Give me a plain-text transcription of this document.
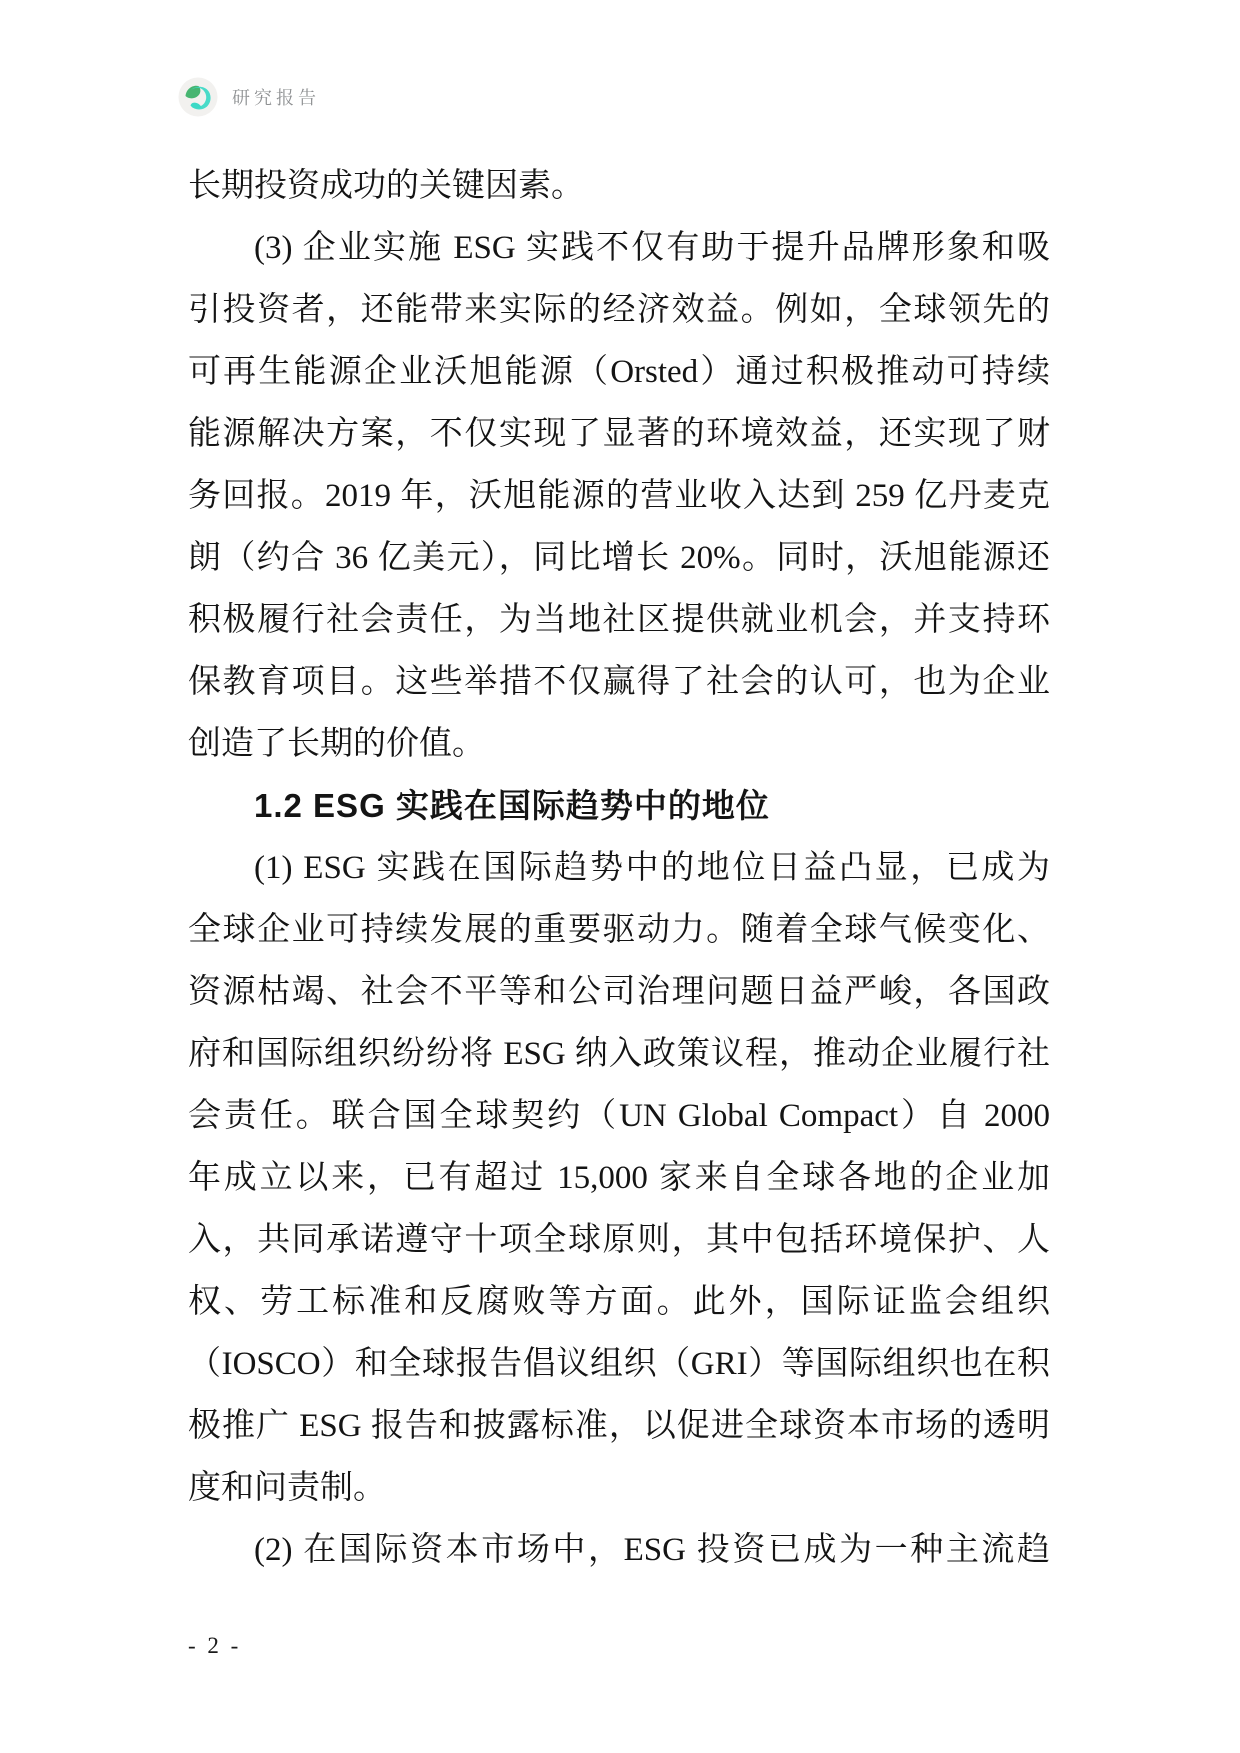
研究报告
长期投资成功的关键因素。
(3) 企业实施 ESG 实践不仅有助于提升品牌形象和吸
引投资者，还能带来实际的经济效益。例如，全球领先的
可再生能源企业沃旭能源（Orsted）通过积极推动可持续
能源解决方案，不仅实现了显著的环境效益，还实现了财
务回报。2019 年，沃旭能源的营业收入达到 259 亿丹麦克
朗（约合 36 亿美元），同比增长 20%。同时，沃旭能源还
积极履行社会责任，为当地社区提供就业机会，并支持环
保教育项目。这些举措不仅赢得了社会的认可，也为企业
创造了长期的价值。
1.2 ESG 实践在国际趋势中的地位
(1) ESG 实践在国际趋势中的地位日益凸显，已成为
全球企业可持续发展的重要驱动力。随着全球气候变化、
资源枯竭、社会不平等和公司治理问题日益严峻，各国政
府和国际组织纷纷将 ESG 纳入政策议程，推动企业履行社
会责任。联合国全球契约（UN Global Compact）自 2000
年成立以来，已有超过 15,000 家来自全球各地的企业加
入，共同承诺遵守十项全球原则，其中包括环境保护、人
权、劳工标准和反腐败等方面。此外，国际证监会组织
（IOSCO）和全球报告倡议组织（GRI）等国际组织也在积
极推广 ESG 报告和披露标准，以促进全球资本市场的透明
度和问责制。
(2) 在国际资本市场中，ESG 投资已成为一种主流趋
- 2 -
